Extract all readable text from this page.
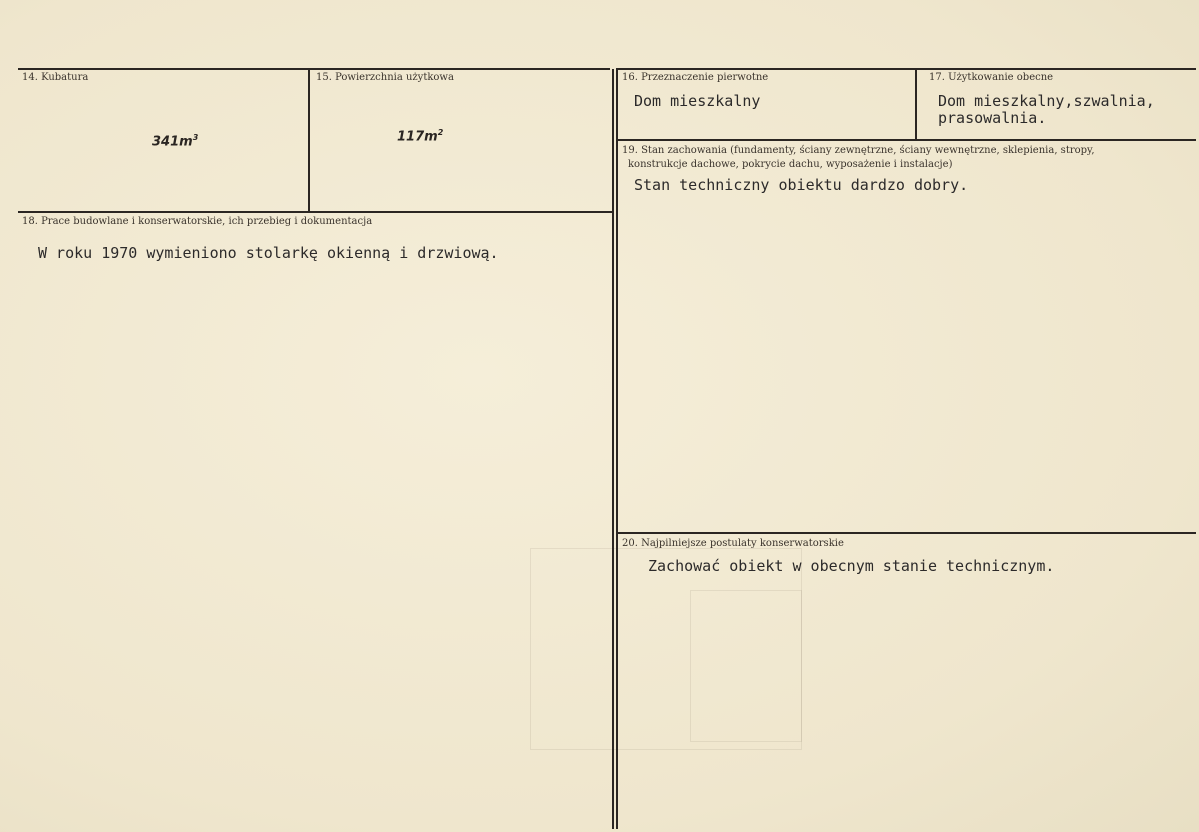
14. Kubatura
$341m^3$
15. Powierzchnia użytkowa
$117m^2$
16. Przeznaczenie pierwotne
Dom mieszkalny
17. Użytkowanie obecne
Dom mieszkalny,szwalnia,
prasowalnia.
18. Prace budowlane i konserwatorskie, ich przebieg i dokumentacja
W roku 1970 wymieniono stolarkę okienną i drzwiową.
19. Stan zachowania (fundamenty, ściany zewnętrzne, ściany wewnętrzne, sklepienia, stropy,
konstrukcje dachowe, pokrycie dachu, wyposażenie i instalacje)
Stan techniczny obiektu dardzo dobry.
20. Najpilniejsze postulaty konserwatorskie
Zachować obiekt w obecnym stanie technicznym.
